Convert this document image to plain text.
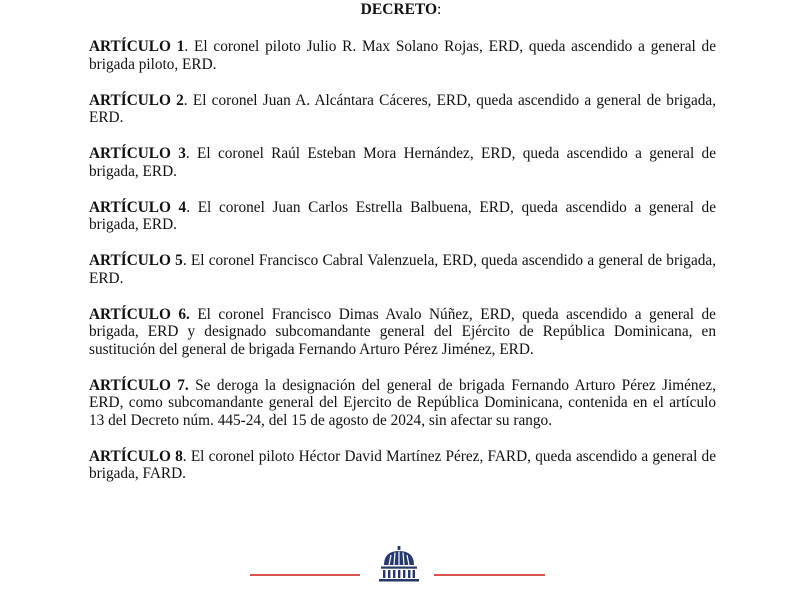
DECRETO:

ARTÍCULO 1. El coronel piloto Julio R. Max Solano Rojas, ERD, queda ascendido a general de brigada piloto, ERD.

ARTÍCULO 2. El coronel Juan A. Alcántara Cáceres, ERD, queda ascendido a general de brigada, ERD.

ARTÍCULO 3. El coronel Raúl Esteban Mora Hernández, ERD, queda ascendido a general de brigada, ERD.

ARTÍCULO 4. El coronel Juan Carlos Estrella Balbuena, ERD, queda ascendido a general de brigada, ERD.

ARTÍCULO 5. El coronel Francisco Cabral Valenzuela, ERD, queda ascendido a general de brigada, ERD.

ARTÍCULO 6. El coronel Francisco Dimas Avalo Núñez, ERD, queda ascendido a general de brigada, ERD y designado subcomandante general del Ejército de República Dominicana, en sustitución del general de brigada Fernando Arturo Pérez Jiménez, ERD.

ARTÍCULO 7. Se deroga la designación del general de brigada Fernando Arturo Pérez Jiménez, ERD, como subcomandante general del Ejercito de República Dominicana, contenida en el artículo 13 del Decreto núm. 445-24, del 15 de agosto de 2024, sin afectar su rango.

ARTÍCULO 8. El coronel piloto Héctor David Martínez Pérez, FARD, queda ascendido a general de brigada, FARD.
